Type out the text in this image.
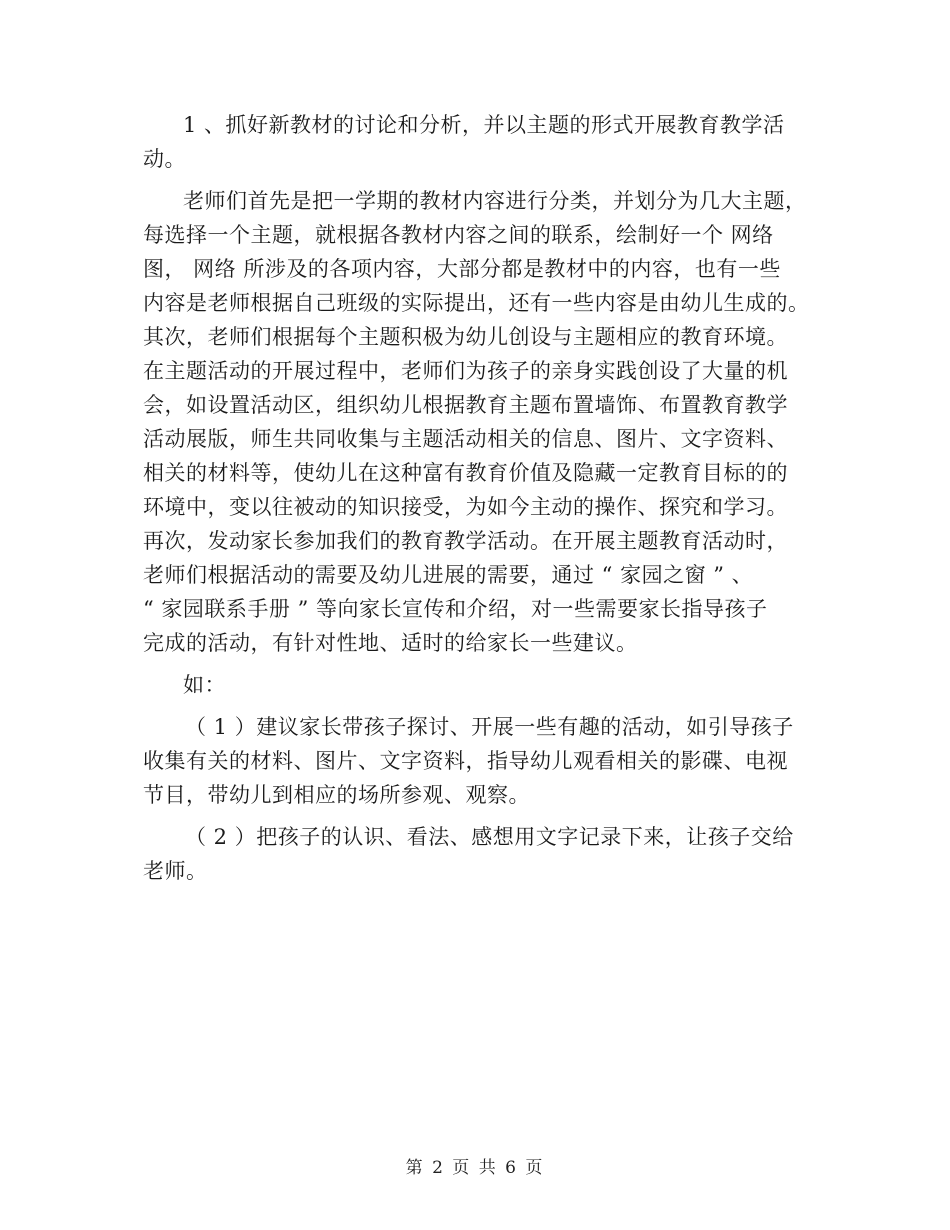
1 、抓好新教材的讨论和分析，并以主题的形式开展教育教学活
动。
老师们首先是把一学期的教材内容进行分类，并划分为几大主题，
每选择一个主题，就根据各教材内容之间的联系，绘制好一个 网络
图， 网络 所涉及的各项内容，大部分都是教材中的内容，也有一些
内容是老师根据自己班级的实际提出，还有一些内容是由幼儿生成的。
其次，老师们根据每个主题积极为幼儿创设与主题相应的教育环境。
在主题活动的开展过程中，老师们为孩子的亲身实践创设了大量的机
会，如设置活动区，组织幼儿根据教育主题布置墙饰、布置教育教学
活动展版，师生共同收集与主题活动相关的信息、图片、文字资料、
相关的材料等，使幼儿在这种富有教育价值及隐藏一定教育目标的的
环境中，变以往被动的知识接受，为如今主动的操作、探究和学习。
再次，发动家长参加我们的教育教学活动。在开展主题教育活动时，
老师们根据活动的需要及幼儿进展的需要，通过 “ 家园之窗 ” 、
“ 家园联系手册 ” 等向家长宣传和介绍，对一些需要家长指导孩子
完成的活动，有针对性地、适时的给家长一些建议。
如：
（ 1 ）建议家长带孩子探讨、开展一些有趣的活动，如引导孩子
收集有关的材料、图片、文字资料，指导幼儿观看相关的影碟、电视
节目，带幼儿到相应的场所参观、观察。
（ 2 ）把孩子的认识、看法、感想用文字记录下来，让孩子交给
老师。
第 2 页 共 6 页
